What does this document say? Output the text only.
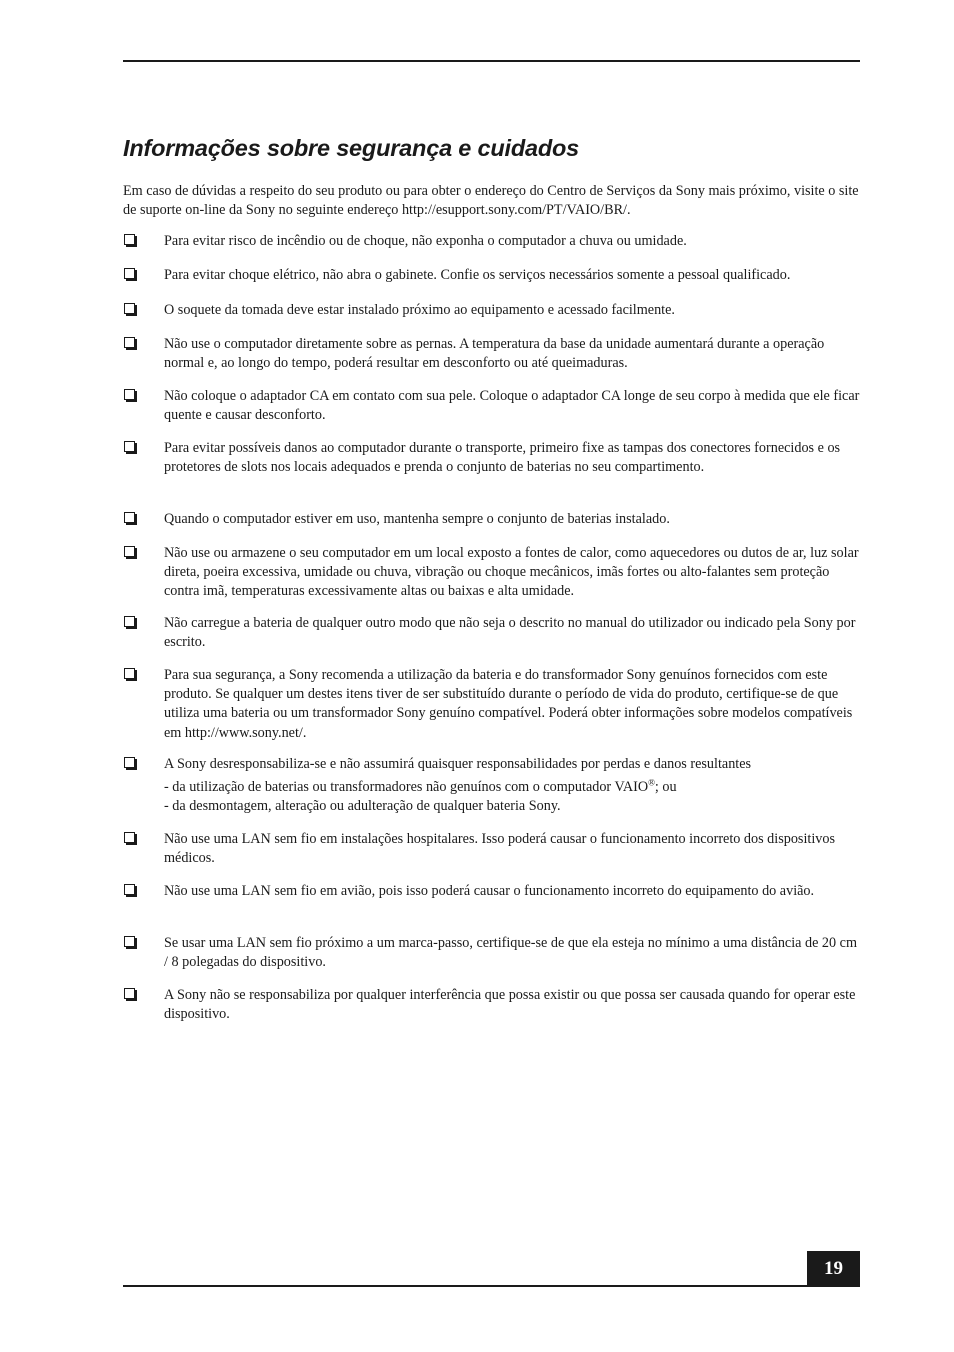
Informações sobre segurança e cuidados

Em caso de dúvidas a respeito do seu produto ou para obter o endereço do Centro de Serviços da Sony mais próximo, visite o site de suporte on-line da Sony no seguinte endereço http://esupport.sony.com/PT/VAIO/BR/.

Para evitar risco de incêndio ou de choque, não exponha o computador a chuva ou umidade.
Para evitar choque elétrico, não abra o gabinete. Confie os serviços necessários somente a pessoal qualificado.
O soquete da tomada deve estar instalado próximo ao equipamento e acessado facilmente.
Não use o computador diretamente sobre as pernas. A temperatura da base da unidade aumentará durante a operação normal e, ao longo do tempo, poderá resultar em desconforto ou até queimaduras.
Não coloque o adaptador CA em contato com sua pele. Coloque o adaptador CA longe de seu corpo à medida que ele ficar quente e causar desconforto.
Para evitar possíveis danos ao computador durante o transporte, primeiro fixe as tampas dos conectores fornecidos e os protetores de slots nos locais adequados e prenda o conjunto de baterias no seu compartimento.
Quando o computador estiver em uso, mantenha sempre o conjunto de baterias instalado.
Não use ou armazene o seu computador em um local exposto a fontes de calor, como aquecedores ou dutos de ar, luz solar direta, poeira excessiva, umidade ou chuva, vibração ou choque mecânicos, imãs fortes ou alto-falantes sem proteção contra imã, temperaturas excessivamente altas ou baixas e alta umidade.
Não carregue a bateria de qualquer outro modo que não seja o descrito no manual do utilizador ou indicado pela Sony por escrito.
Para sua segurança, a Sony recomenda a utilização da bateria e do transformador Sony genuínos fornecidos com este produto. Se qualquer um destes itens tiver de ser substituído durante o período de vida do produto, certifique-se de que utiliza uma bateria ou um transformador Sony genuíno compatível. Poderá obter informações sobre modelos compatíveis em http://www.sony.net/.
A Sony desresponsabiliza-se e não assumirá quaisquer responsabilidades por perdas e danos resultantes
- da utilização de baterias ou transformadores não genuínos com o computador VAIO®; ou
- da desmontagem, alteração ou adulteração de qualquer bateria Sony.
Não use uma LAN sem fio em instalações hospitalares. Isso poderá causar o funcionamento incorreto dos dispositivos médicos.
Não use uma LAN sem fio em avião, pois isso poderá causar o funcionamento incorreto do equipamento do avião.
Se usar uma LAN sem fio próximo a um marca-passo, certifique-se de que ela esteja no mínimo a uma distância de 20 cm / 8 polegadas do dispositivo.
A Sony não se responsabiliza por qualquer interferência que possa existir ou que possa ser causada quando for operar este dispositivo.
19
